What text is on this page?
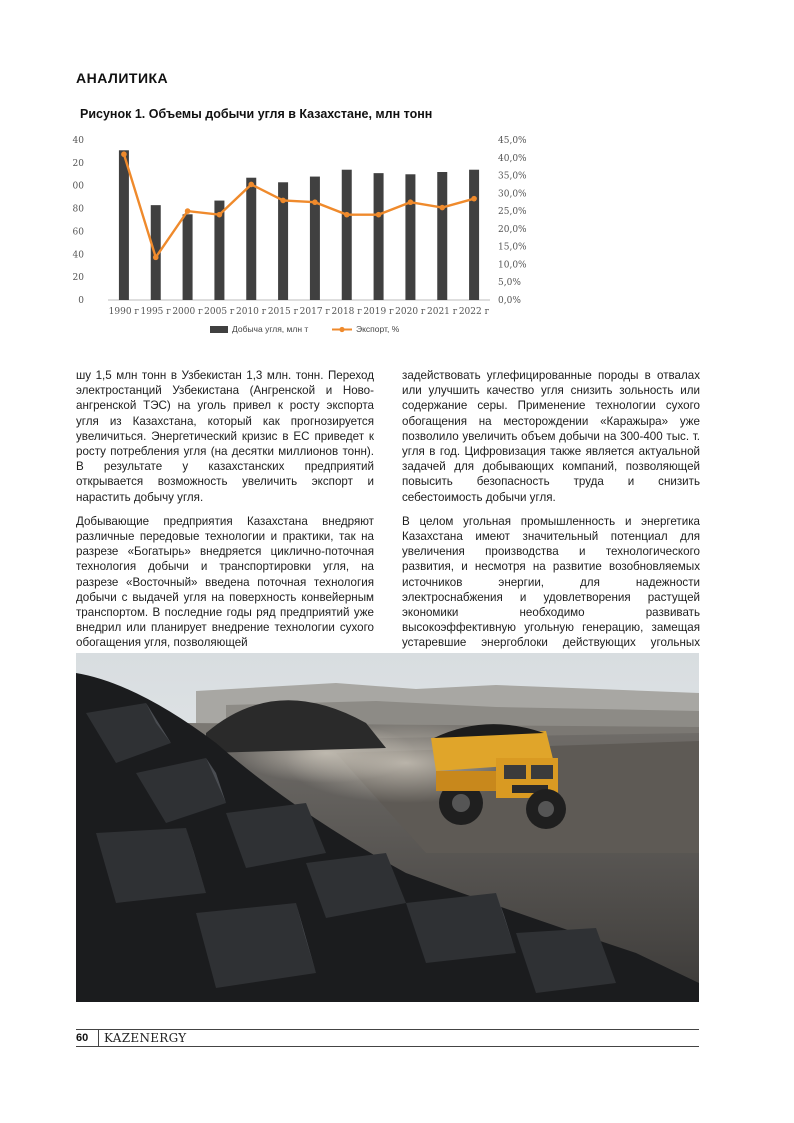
АНАЛИТИКА
Рисунок 1. Объемы добычи угля в Казахстане, млн тонн
40
20
00
80
60
40
20
0
45,0%
40,0%
35,0%
30,0%
25,0%
20,0%
15,0%
10,0%
5,0%
0,0%
1990 г 1995 г 2000 г 2005 г 2010 г 2015 г 2017 г 2018 г 2019 г 2020 г 2021 г 2022 г
Добыча угля, млн т	Экспорт, %

шу 1,5 млн тонн в Узбекистан 1,3 млн. тонн. Переход электростанций Узбекистана (Ангренской и Ново-ангренской ТЭС) на уголь привел к росту экспорта угля из Казахстана, который как прогнозируется увеличиться. Энергетический кризис в ЕС приведет к росту потребления угля (на десятки миллионов тонн). В результате у казахстанских предприятий открывается возможность увеличить экспорт и нарастить добычу угля.

Добывающие предприятия Казахстана внедряют различные передовые технологии и практики, так на разрезе «Богатырь» внедряется циклично-поточная технология добычи и транспортировки угля, на разрезе «Восточный» введена поточная технология добычи с выдачей угля на поверхность конвейерным транспортом. В последние годы ряд предприятий уже внедрил или планирует внедрение технологии сухого обогащения угля, позволяющей

задействовать углефицированные породы в отвалах или улучшить качество угля снизить зольность или содержание серы. Применение технологии сухого обогащения на месторождении «Каражыра» уже позволило увеличить объем добычи на 300-400 тыс. т. угля в год. Цифровизация также является актуальной задачей для добывающих компаний, позволяющей повысить безопасность труда и снизить себестоимость добычи угля.

В целом угольная промышленность и энергетика Казахстана имеют значительный потенциал для увеличения производства и технологического развития, и несмотря на развитие возобновляемых источников энергии, для надежности электроснабжения и удовлетворения растущей экономики необходимо развивать высокоэффективную угольную генерацию, замещая устаревшие энергоблоки действующих угольных

60	KAZENERGY
